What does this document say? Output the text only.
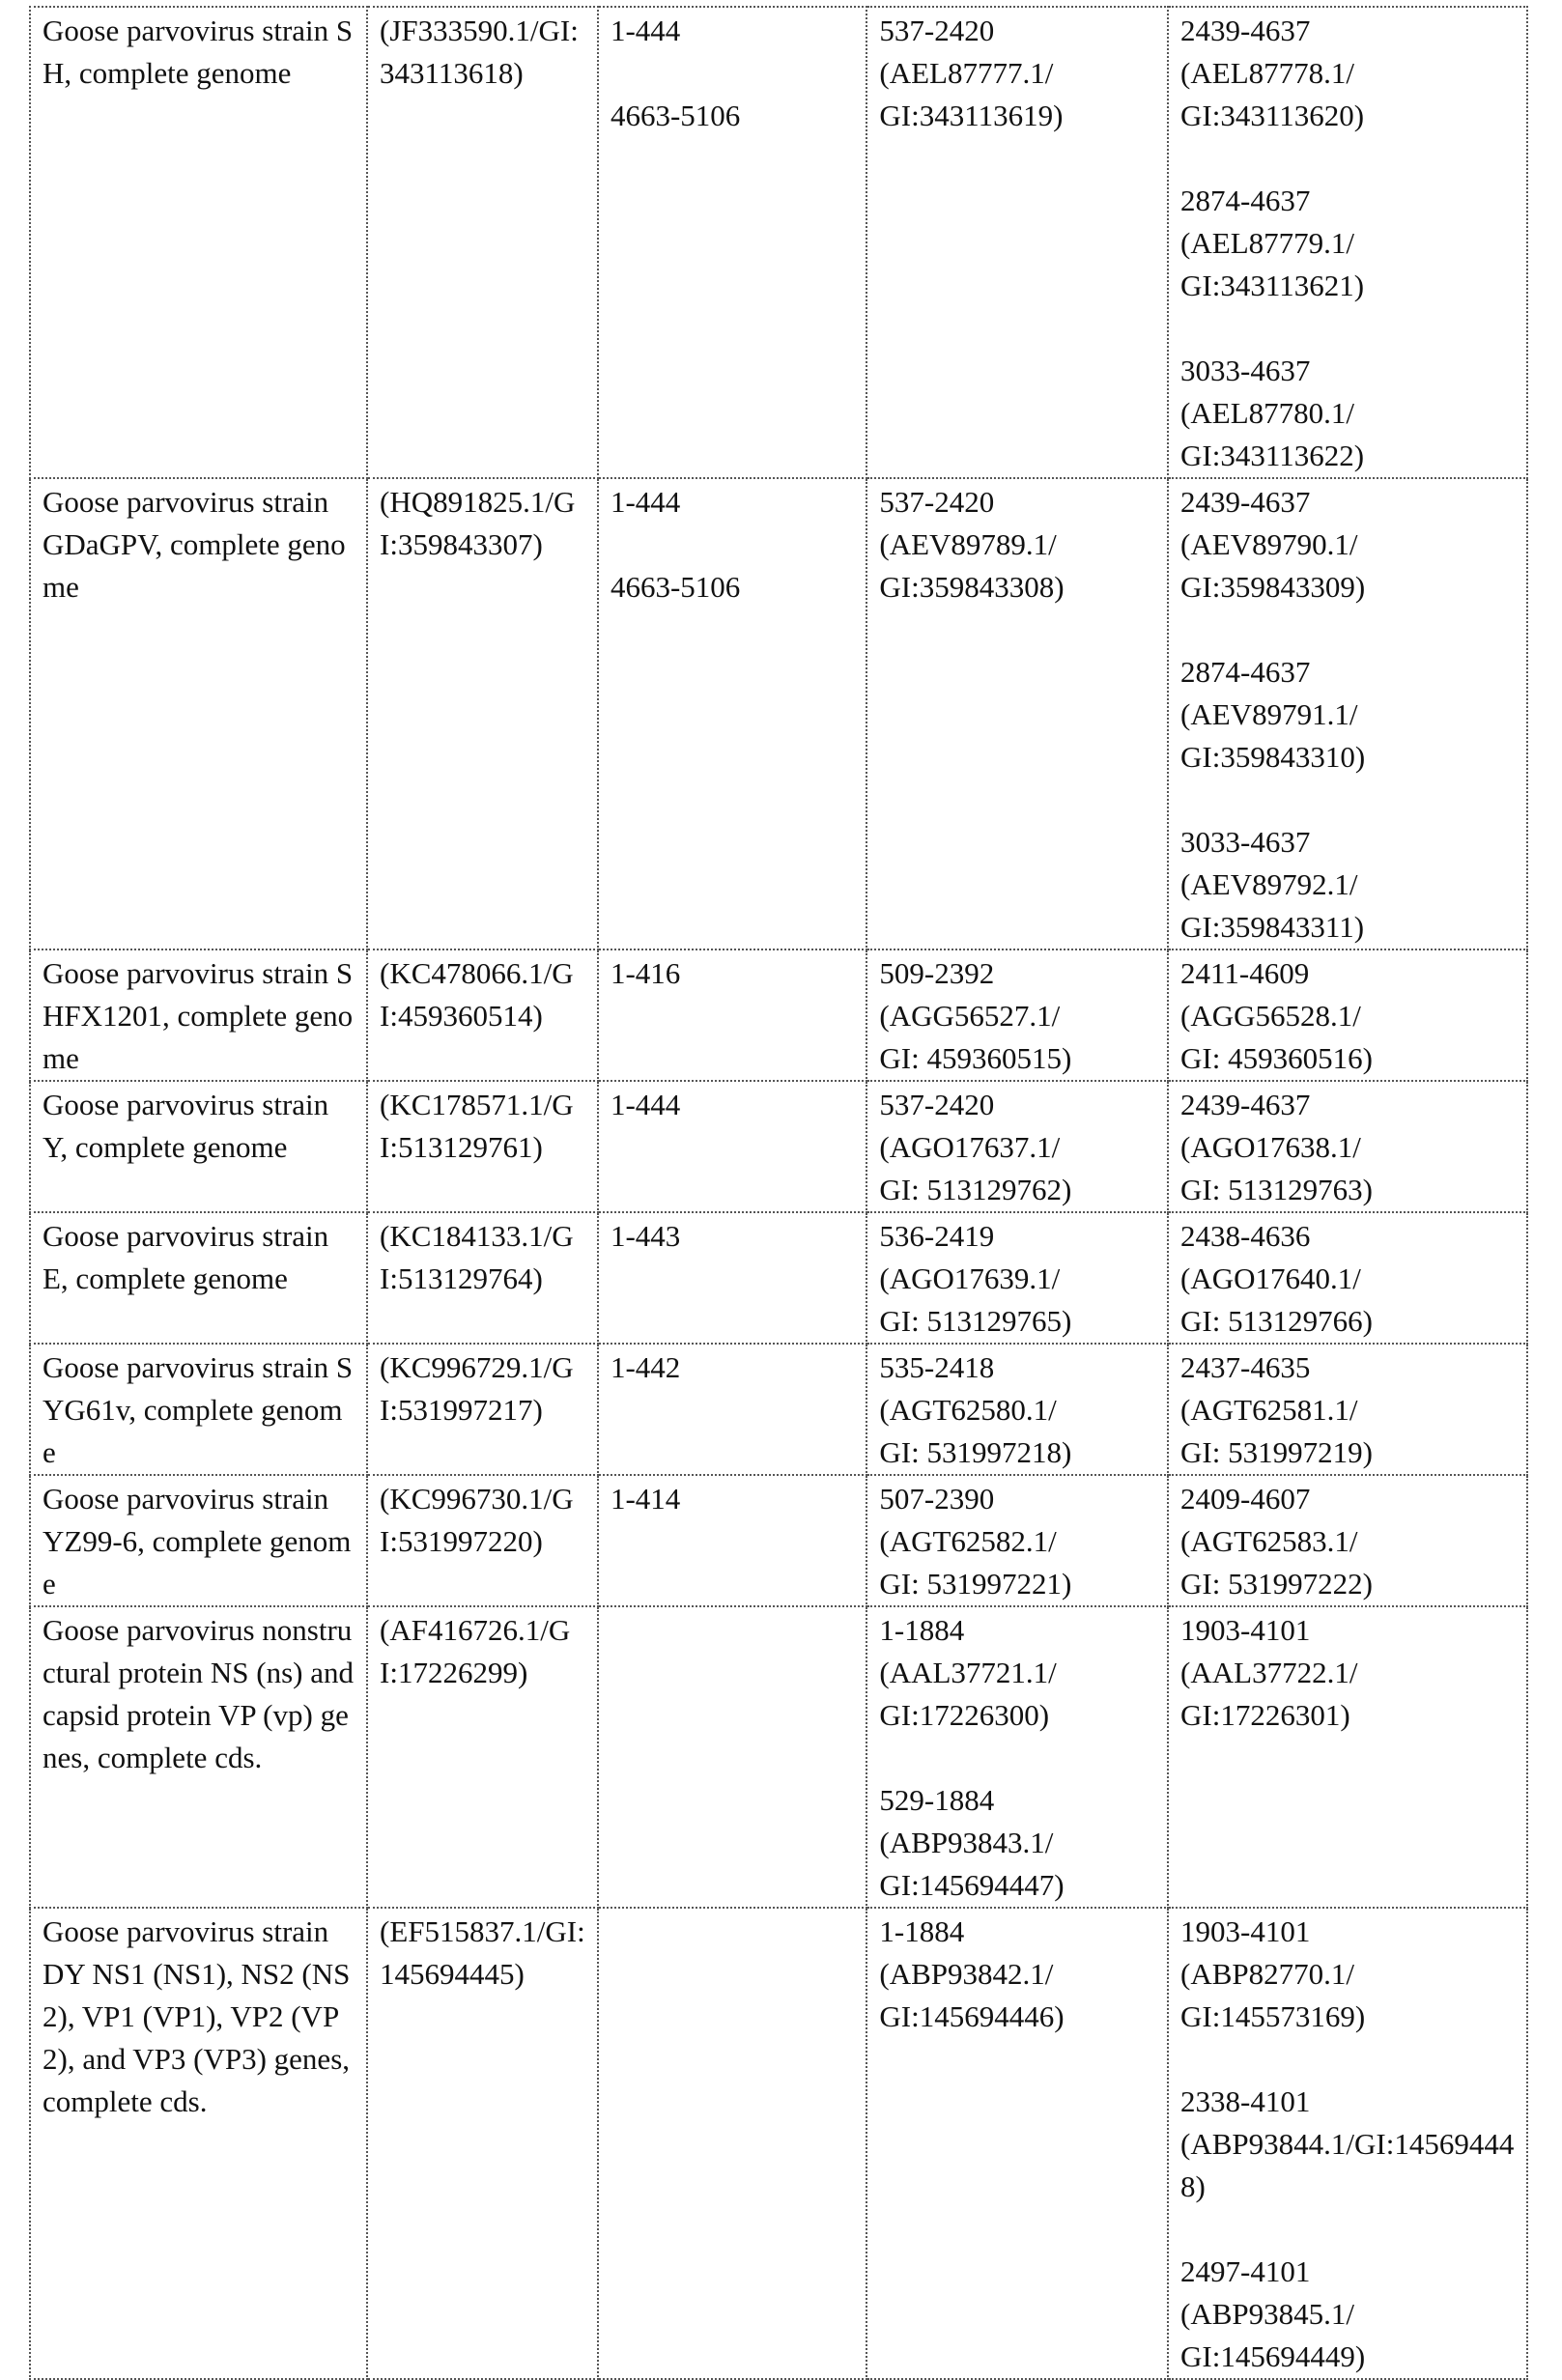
Goose parvovirus strain SH, complete genome	(JF333590.1/GI:343113618)	
1-444
4663-5106

537-2420
(AEL87777.1/
GI:343113619)

2439-4637
(AEL87778.1/
GI:343113620)
2874-4637
(AEL87779.1/
GI:343113621)
3033-4637
(AEL87780.1/
GI:343113622)

Goose parvovirus strain GDaGPV, complete genome	(HQ891825.1/GI:359843307)	
1-444
4663-5106

537-2420
(AEV89789.1/
GI:359843308)

2439-4637
(AEV89790.1/
GI:359843309)
2874-4637
(AEV89791.1/
GI:359843310)
3033-4637
(AEV89792.1/
GI:359843311)

Goose parvovirus strain SHFX1201, complete genome	(KC478066.1/GI:459360514)	
1-416	509-2392
(AGG56527.1/
GI: 459360515)

2411-4609
(AGG56528.1/
GI: 459360516)

Goose parvovirus strain Y, complete genome	(KC178571.1/GI:513129761)	
1-444	537-2420
(AGO17637.1/
GI: 513129762)

2439-4637
(AGO17638.1/
GI: 513129763)

Goose parvovirus strain E, complete genome	(KC184133.1/GI:513129764)	
1-443	536-2419
(AGO17639.1/
GI: 513129765)

2438-4636
(AGO17640.1/
GI: 513129766)

Goose parvovirus strain SYG61v, complete genome	(KC996729.1/GI:531997217)	
1-442	535-2418
(AGT62580.1/
GI: 531997218)

2437-4635
(AGT62581.1/
GI: 531997219)

Goose parvovirus strain YZ99-6, complete genome	(KC996730.1/GI:531997220)	
1-414	507-2390
(AGT62582.1/
GI: 531997221)

2409-4607
(AGT62583.1/
GI: 531997222)

Goose parvovirus nonstructural protein NS (ns) and capsid protein VP (vp) genes, complete cds.	(AF416726.1/GI:17226299)		
1-1884
(AAL37721.1/
GI:17226300)
529-1884
(ABP93843.1/
GI:145694447)

1903-4101
(AAL37722.1/
GI:17226301)

Goose parvovirus strain DY NS1 (NS1), NS2 (NS2), VP1 (VP1), VP2 (VP2), and VP3 (VP3) genes, complete cds.	(EF515837.1/GI:145694445)		
1-1884
(ABP93842.1/
GI:145694446)

1903-4101
(ABP82770.1/
GI:145573169)
2338-4101
(ABP93844.1/GI:145694448)
2497-4101
(ABP93845.1/
GI:145694449)
